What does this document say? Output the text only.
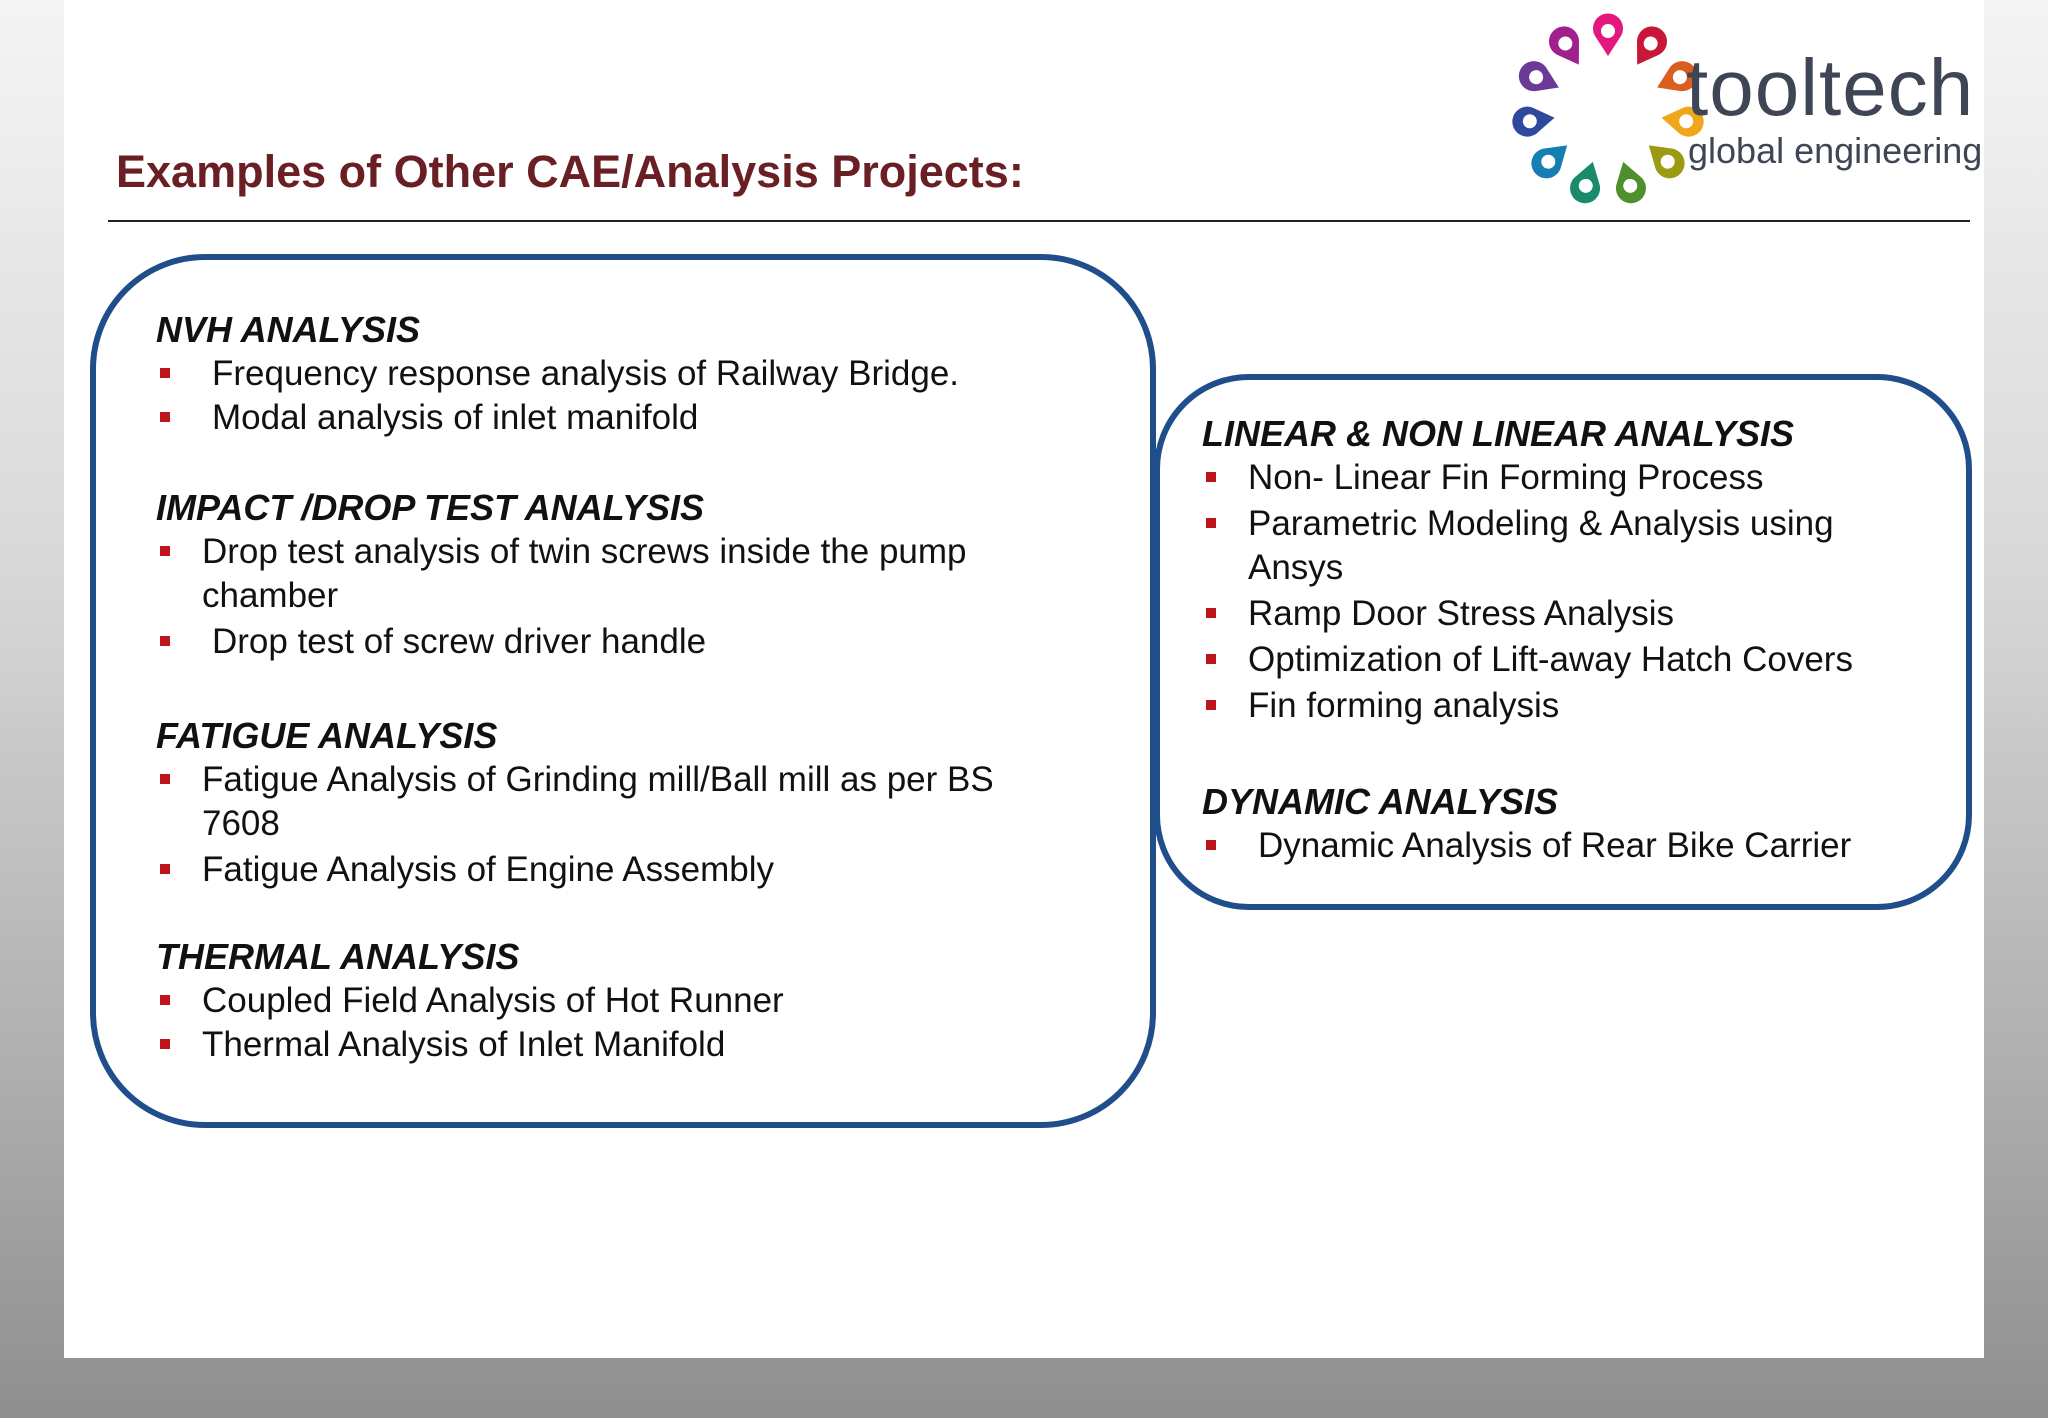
Examples of Other CAE/Analysis Projects:
tooltech
global engineering

NVH ANALYSIS

Frequency response analysis of Railway Bridge.
Modal analysis of inlet manifold

IMPACT /DROP TEST ANALYSIS

Drop test analysis of twin screws inside the pump chamber
Drop test of screw driver handle

FATIGUE ANALYSIS

Fatigue Analysis of Grinding mill/Ball mill as per BS 7608
Fatigue Analysis of Engine Assembly

THERMAL ANALYSIS

Coupled Field Analysis of Hot Runner
Thermal Analysis of Inlet Manifold

LINEAR & NON LINEAR ANALYSIS

Non- Linear Fin Forming Process
Parametric Modeling & Analysis using Ansys
Ramp Door Stress Analysis
Optimization of Lift-away Hatch Covers
Fin forming analysis

DYNAMIC ANALYSIS

Dynamic Analysis of Rear Bike Carrier
